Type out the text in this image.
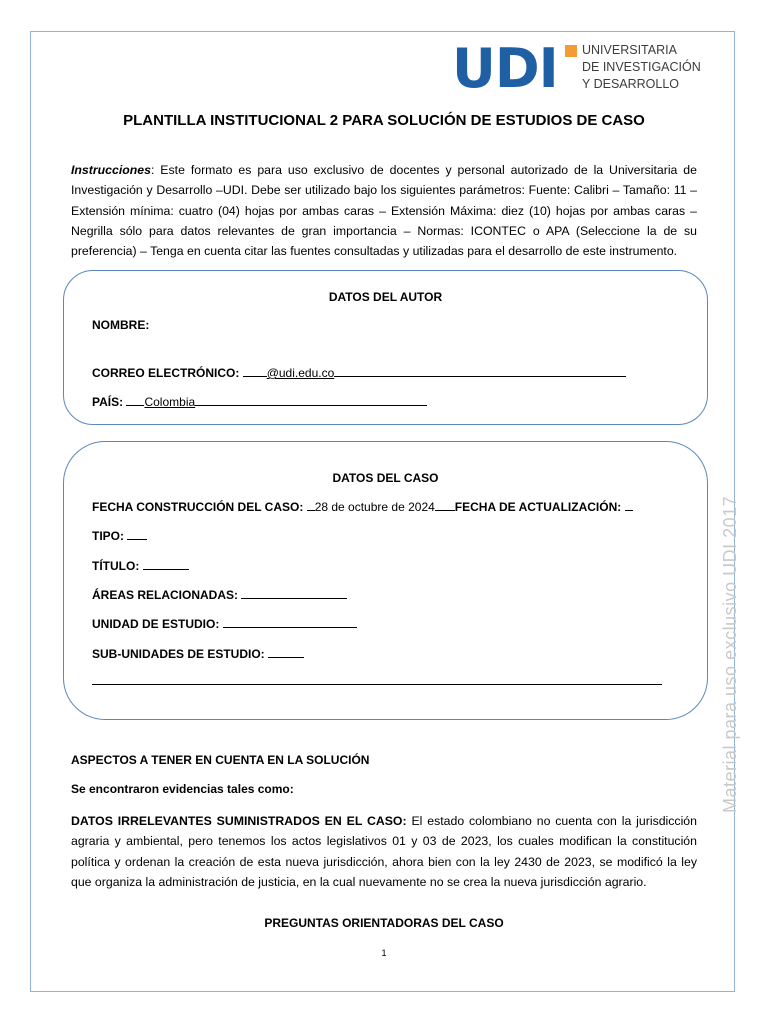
UDI UNIVERSITARIA
DE INVESTIGACIÓN
Y DESARROLLO
PLANTILLA INSTITUCIONAL 2 PARA SOLUCIÓN DE ESTUDIOS DE CASO
Instrucciones: Este formato es para uso exclusivo de docentes y personal autorizado de la Universitaria de Investigación y Desarrollo –UDI. Debe ser utilizado bajo los siguientes parámetros: Fuente: Calibri – Tamaño: 11 – Extensión mínima: cuatro (04) hojas por ambas caras – Extensión Máxima: diez (10) hojas por ambas caras – Negrilla sólo para datos relevantes de gran importancia – Normas: ICONTEC o APA (Seleccione la de su preferencia) – Tenga en cuenta citar las fuentes consultadas y utilizadas para el desarrollo de este instrumento.
DATOS DEL AUTOR
NOMBRE:
CORREO ELECTRÓNICO: @udi.edu.co
PAÍS: Colombia
DATOS DEL CASO
FECHA CONSTRUCCIÓN DEL CASO: 28 de octubre de 2024 FECHA DE ACTUALIZACIÓN:
TIPO:
TÍTULO:
ÁREAS RELACIONADAS:
UNIDAD DE ESTUDIO:
SUB-UNIDADES DE ESTUDIO:
ASPECTOS A TENER EN CUENTA EN LA SOLUCIÓN
Se encontraron evidencias tales como:
DATOS IRRELEVANTES SUMINISTRADOS EN EL CASO: El estado colombiano no cuenta con la jurisdicción agraria y ambiental, pero tenemos los actos legislativos 01 y 03 de 2023, los cuales modifican la constitución política y ordenan la creación de esta nueva jurisdicción, ahora bien con la ley 2430 de 2023, se modificó la ley que organiza la administración de justicia, en la cual nuevamente no se crea la nueva jurisdicción agrario.
PREGUNTAS ORIENTADORAS DEL CASO
1
Material para uso exclusivo UDI 2017
